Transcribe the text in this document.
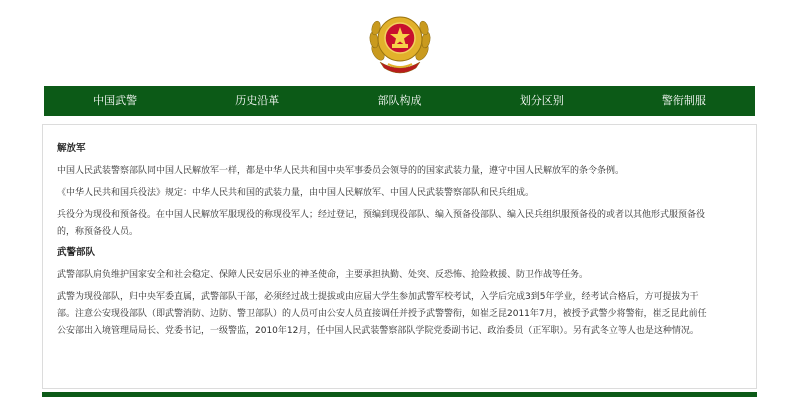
中国武警	历史沿革	部队构成	划分区别	警衔制服
解放军

中国人民武装警察部队同中国人民解放军一样，都是中华人民共和国中央军事委员会领导的的国家武装力量，遵守中国人民解放军的条令条例。

《中华人民共和国兵役法》规定：中华人民共和国的武装力量，由中国人民解放军、中国人民武装警察部队和民兵组成。

兵役分为现役和预备役。在中国人民解放军服现役的称现役军人；经过登记，预编到现役部队、编入预备役部队、编入民兵组织服预备役的或者以其他形式服预备役

的，称预备役人员。

武警部队

武警部队肩负维护国家安全和社会稳定、保障人民安居乐业的神圣使命，主要承担执勤、处突、反恐怖、抢险救援、防卫作战等任务。

武警为现役部队，归中央军委直属，武警部队干部，必须经过战士提拔或由应届大学生参加武警军校考试，入学后完成3到5年学业，经考试合格后，方可提拔为干

部。注意公安现役部队（即武警消防、边防、警卫部队）的人员可由公安人员直接调任并授予武警警衔，如崔乏昆2011年7月，被授予武警少将警衔，崔乏昆此前任

公安部出入境管理局局长、党委书记，一级警监，2010年12月，任中国人民武装警察部队学院党委副书记、政治委员（正军职）。另有武冬立等人也是这种情况。
